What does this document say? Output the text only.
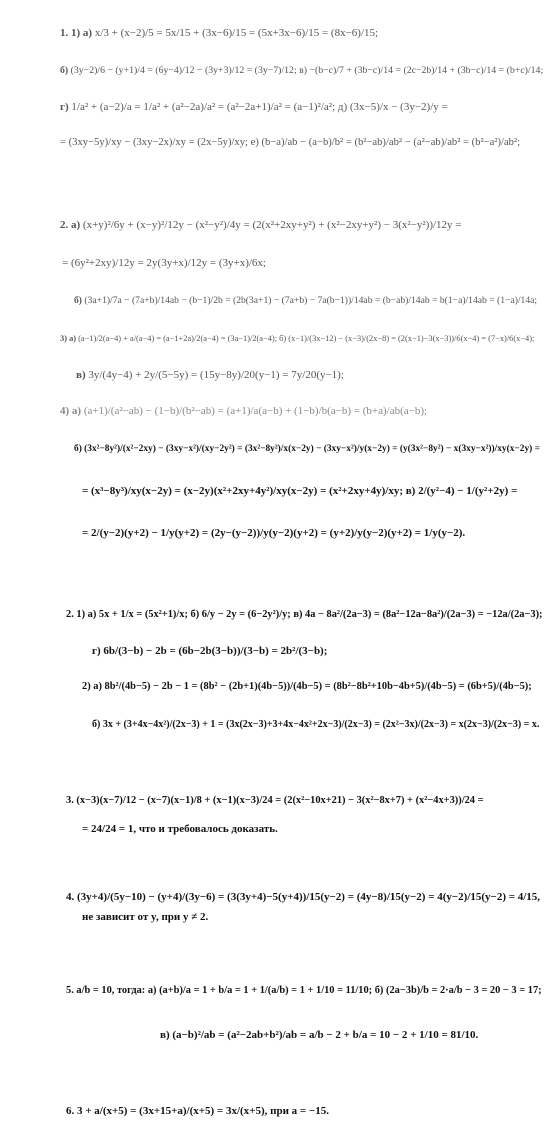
1. 1) а) x/3 + (x−2)/5 = 5x/15 + (3x−6)/15 = (5x+3x−6)/15 = (8x−6)/15;
б) (3y−2)/6 − (y+1)/4 = (6y−4)/12 − (3y+3)/12 = (3y−7)/12; в) −(b−c)/7 + (3b−c)/14 = (2c−2b)/14 + (3b−c)/14 = (b+c)/14;
г) 1/a² + (a−2)/a = 1/a² + (a²−2a)/a² = (a²−2a+1)/a² = (a−1)²/a²; д) (3x−5)/x − (3y−2)/y =
= (3xy−5y)/xy − (3xy−2x)/xy = (2x−5y)/xy; е) (b−a)/ab − (a−b)/b² = (b²−ab)/ab² − (a²−ab)/ab² = (b²−a²)/ab²;
2. а) (x+y)²/6y + (x−y)²/12y − (x²−y²)/4y = (2(x²+2xy+y²) + (x²−2xy+y²) − 3(x²−y²))/12y =
= (6y²+2xy)/12y = 2y(3y+x)/12y = (3y+x)/6x;
б) (3a+1)/7a − (7a+b)/14ab − (b−1)/2b = (2b(3a+1) − (7a+b) − 7a(b−1))/14ab = (b−ab)/14ab = b(1−a)/14ab = (1−a)/14a;
3) а) (a−1)/2(a−4) + a/(a−4) = (a−1+2a)/2(a−4) = (3a−1)/2(a−4); б) (x−1)/(3x−12) − (x−3)/(2x−8) = (2(x−1)−3(x−3))/6(x−4) = (7−x)/6(x−4);
в) 3y/(4y−4) + 2y/(5−5y) = (15y−8y)/20(y−1) = 7y/20(y−1);
4) а) (a+1)/(a²−ab) − (1−b)/(b²−ab) = (a+1)/a(a−b) + (1−b)/b(a−b) = (b+a)/ab(a−b);
б) (3x²−8y²)/(x²−2xy) − (3xy−x²)/(xy−2y²) = (3x²−8y²)/x(x−2y) − (3xy−x²)/y(x−2y) = (y(3x²−8y²) − x(3xy−x²))/xy(x−2y) =
= (x³−8y³)/xy(x−2y) = (x−2y)(x²+2xy+4y²)/xy(x−2y) = (x²+2xy+4y)/xy; в) 2/(y²−4) − 1/(y²+2y) =
= 2/(y−2)(y+2) − 1/y(y+2) = (2y−(y−2))/y(y−2)(y+2) = (y+2)/y(y−2)(y+2) = 1/y(y−2).
2. 1) а) 5x + 1/x = (5x²+1)/x; б) 6/y − 2y = (6−2y²)/y; в) 4a − 8a²/(2a−3) = (8a²−12a−8a²)/(2a−3) = −12a/(2a−3);
г) 6b/(3−b) − 2b = (6b−2b(3−b))/(3−b) = 2b²/(3−b);
2) а) 8b²/(4b−5) − 2b − 1 = (8b² − (2b+1)(4b−5))/(4b−5) = (8b²−8b²+10b−4b+5)/(4b−5) = (6b+5)/(4b−5);
б) 3x + (3+4x−4x²)/(2x−3) + 1 = (3x(2x−3)+3+4x−4x²+2x−3)/(2x−3) = (2x²−3x)/(2x−3) = x(2x−3)/(2x−3) = x.
3. (x−3)(x−7)/12 − (x−7)(x−1)/8 + (x−1)(x−3)/24 = (2(x²−10x+21) − 3(x²−8x+7) + (x²−4x+3))/24 =
= 24/24 = 1, что и требовалось доказать.
4. (3y+4)/(5y−10) − (y+4)/(3y−6) = (3(3y+4)−5(y+4))/15(y−2) = (4y−8)/15(y−2) = 4(y−2)/15(y−2) = 4/15,
не зависит от y, при y ≠ 2.
5. a/b = 10, тогда: а) (a+b)/a = 1 + b/a = 1 + 1/(a/b) = 1 + 1/10 = 11/10; б) (2a−3b)/b = 2·a/b − 3 = 20 − 3 = 17;
в) (a−b)²/ab = (a²−2ab+b²)/ab = a/b − 2 + b/a = 10 − 2 + 1/10 = 81/10.
6. 3 + a/(x+5) = (3x+15+a)/(x+5) = 3x/(x+5), при a = −15.
